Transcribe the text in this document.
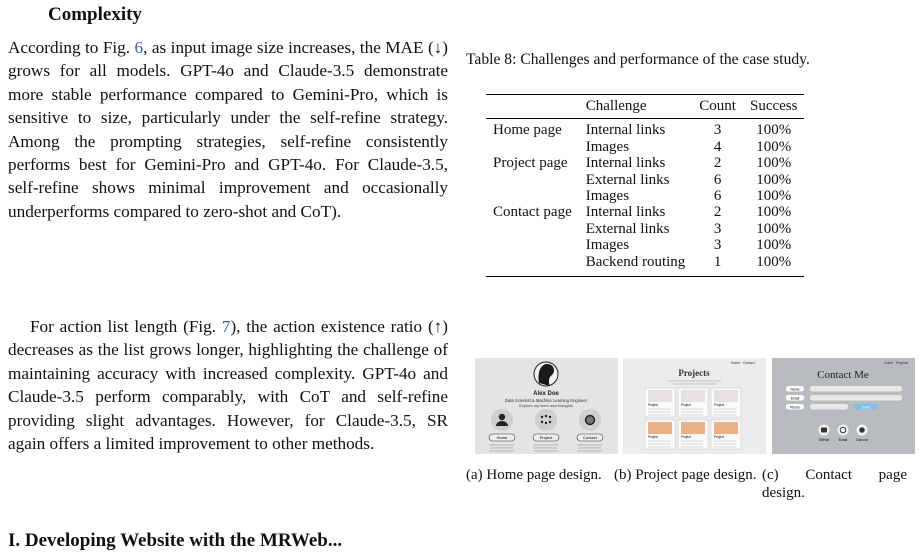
Complexity

According to Fig. 6, as input image size increases, the MAE (↓) grows for all models. GPT-4o and Claude-3.5 demonstrate more stable performance compared to Gemini-Pro, which is sensitive to size, particularly under the self-refine strategy. Among the prompting strategies, self-refine consistently performs best for Gemini-Pro and GPT-4o. For Claude-3.5, self-refine shows minimal improvement and occasionally underperforms compared to zero-shot and CoT).

For action list length (Fig. 7), the action existence ratio (↑) decreases as the list grows longer, highlighting the challenge of maintaining accuracy with increased complexity. GPT-4o and Claude-3.5 perform comparably, with CoT and self-refine providing slight advantages. However, for Claude-3.5, SR again offers a limited improvement to other methods.

I. Developing Website with the MRWeb...
Table 8: Challenges and performance of the case study.
	Challenge	Count	Success
Home page	Internal links	3	100%
	Images	4	100%
Project page	Internal links	2	100%
	External links	6	100%
	Images	6	100%
Contact page	Internal links	2	100%
	External links	3	100%
	Images	3	100%
	Backend routing	1	100%
Alex Doe
Data Scientist & Machine Learning Engineer
Explore my work and thoughts
Home	Project	Contact
Home Contact
Projects
Project	Project	Project
Project	Project	Project
Home Projects
Contact Me
Name
Email
Phone	Send
GitHub	Email	Discord
(a) Home page design. (b) Project page design. (c) Contact page design.
